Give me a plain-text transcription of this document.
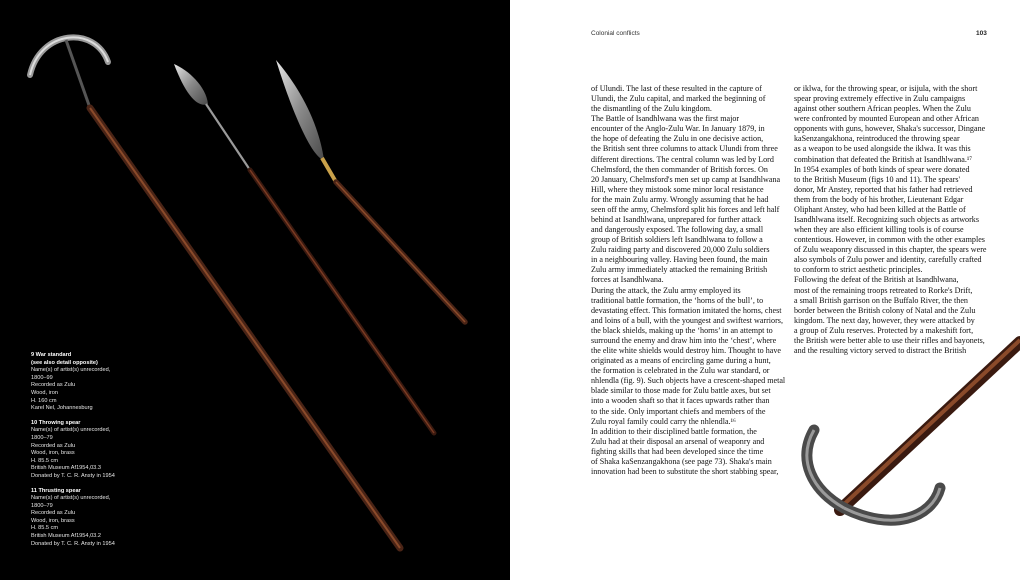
9 War standard
(see also detail opposite)
Name(s) of artist(s) unrecorded,
1800–99
Recorded as Zulu
Wood, iron
H. 160 cm
Karel Nel, Johannesburg
10 Throwing spear
Name(s) of artist(s) unrecorded,
1800–79
Recorded as Zulu
Wood, iron, brass
H. 85.5 cm
British Museum Af1954,03.3
Donated by T. C. R. Ansty in 1954
11 Thrusting spear
Name(s) of artist(s) unrecorded,
1800–79
Recorded as Zulu
Wood, iron, brass
H. 85.5 cm
British Museum Af1954,03.2
Donated by T. C. R. Ansty in 1954
Colonial conflicts	103
of Ulundi. The last of these resulted in the capture of
Ulundi, the Zulu capital, and marked the beginning of
the dismantling of the Zulu kingdom.
The Battle of Isandhlwana was the first major
encounter of the Anglo-Zulu War. In January 1879, in
the hope of defeating the Zulu in one decisive action,
the British sent three columns to attack Ulundi from three
different directions. The central column was led by Lord
Chelmsford, the then commander of British forces. On
20 January, Chelmsford's men set up camp at Isandhlwana
Hill, where they mistook some minor local resistance
for the main Zulu army. Wrongly assuming that he had
seen off the army, Chelmsford split his forces and left half
behind at Isandhlwana, unprepared for further attack
and dangerously exposed. The following day, a small
group of British soldiers left Isandhlwana to follow a
Zulu raiding party and discovered 20,000 Zulu soldiers
in a neighbouring valley. Having been found, the main
Zulu army immediately attacked the remaining British
forces at Isandhlwana.
During the attack, the Zulu army employed its
traditional battle formation, the ‘horns of the bull’, to
devastating effect. This formation imitated the horns, chest
and loins of a bull, with the youngest and swiftest warriors,
the black shields, making up the ‘horns’ in an attempt to
surround the enemy and draw him into the ‘chest’, where
the elite white shields would destroy him. Thought to have
originated as a means of encircling game during a hunt,
the formation is celebrated in the Zulu war standard, or
nhlendla (fig. 9). Such objects have a crescent-shaped metal
blade similar to those made for Zulu battle axes, but set
into a wooden shaft so that it faces upwards rather than
to the side. Only important chiefs and members of the
Zulu royal family could carry the nhlendla.¹⁶
In addition to their disciplined battle formation, the
Zulu had at their disposal an arsenal of weaponry and
fighting skills that had been developed since the time
of Shaka kaSenzangakhona (see page 73). Shaka's main
innovation had been to substitute the short stabbing spear,
or iklwa, for the throwing spear, or isijula, with the short
spear proving extremely effective in Zulu campaigns
against other southern African peoples. When the Zulu
were confronted by mounted European and other African
opponents with guns, however, Shaka's successor, Dingane
kaSenzangakhona, reintroduced the throwing spear
as a weapon to be used alongside the iklwa. It was this
combination that defeated the British at Isandhlwana.¹⁷
In 1954 examples of both kinds of spear were donated
to the British Museum (figs 10 and 11). The spears'
donor, Mr Anstey, reported that his father had retrieved
them from the body of his brother, Lieutenant Edgar
Oliphant Anstey, who had been killed at the Battle of
Isandhlwana itself. Recognizing such objects as artworks
when they are also efficient killing tools is of course
contentious. However, in common with the other examples
of Zulu weaponry discussed in this chapter, the spears were
also symbols of Zulu power and identity, carefully crafted
to conform to strict aesthetic principles.
Following the defeat of the British at Isandhlwana,
most of the remaining troops retreated to Rorke's Drift,
a small British garrison on the Buffalo River, the then
border between the British colony of Natal and the Zulu
kingdom. The next day, however, they were attacked by
a group of Zulu reserves. Protected by a makeshift fort,
the British were better able to use their rifles and bayonets,
and the resulting victory served to distract the British
